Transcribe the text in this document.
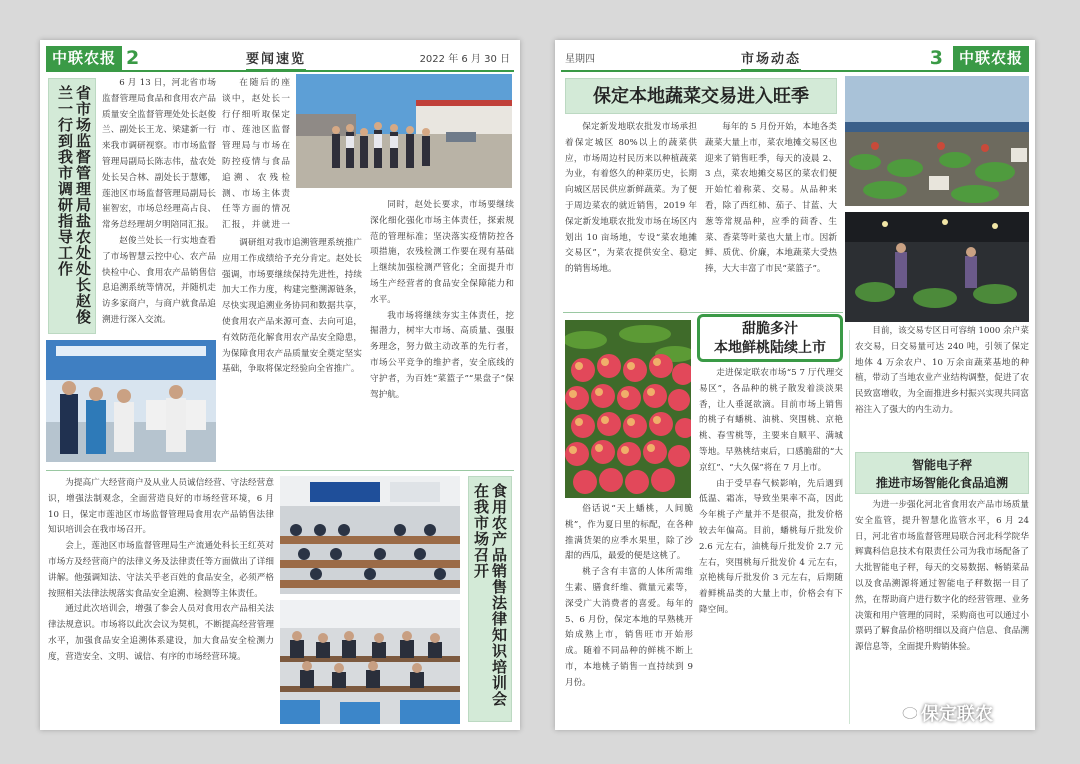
中联农报 2	要闻速览	2022 年 6 月 30 日
省市场监督管理局盐农处处长赵俊兰一行到我市调研指导工作

6 月 13 日，河北省市场监督管理局食品和食用农产品质量安全监督管理处处长赵俊兰、副处长王龙、梁建新一行来我市调研视察。市市场监督管理局副局长陈志伟，盐农处处长吴合林、副处长于慧娜，莲池区市场监督管理局副局长崔智宏，市场总经理高占良、常务总经理胡夕明陪同汇报。

赵俊兰处长一行实地查看了市场智慧云控中心、农产品快检中心、食用农产品销售信息追溯系统等情况，并随机走访多家商户，与商户就食品追溯进行深入交流。

在随后的座谈中，赵处长一行仔细听取保定市、莲池区监督管理局与市场在防控疫情与食品追溯、农残检测、市场主体责任等方面的情况汇报，并就进一

调研组对我市追溯管理系统推广应用工作成绩给予充分肯定。赵处长强调，市场要继续保持先进性，持续加大工作力度，构建完整溯源链条，尽快实现追溯业务协同和数据共享，使食用农产品来源可查、去向可追，有效防范化解食用农产品安全隐患，为保障食用农产品质量安全奠定坚实基础，争取将保定经验向全省推广。

同时，赵处长要求，市场要继续深化细化强化市场主体责任，探索规范的管理标准；坚决落实疫情防控各项措施，农残检测工作要在现有基础上继续加强检测严管化；全面提升市场生产经营者的食品安全保障能力和水平。

我市场将继续夯实主体责任，挖掘潜力，树牢大市场、高质量、强服务理念，努力做主动改革的先行者，市场公平竞争的维护者，安全底线的守护者，为百姓“菜篮子”“果盘子”保驾护航。

为提高广大经营商户及从业人员诚信经营、守法经营意识，增强法制观念，全面营造良好的市场经营环境，6 月 10 日，保定市莲池区市场监督管理局食用农产品销售法律知识培训会在我市场召开。

会上，莲池区市场监督管理局生产流通处科长王红英对市场方及经营商户的法律义务及法律责任等方面做出了详细讲解。他强调知法、守法关乎老百姓的食品安全，必须严格按照相关法律法规落实食品安全追溯、检测等主体责任。

通过此次培训会，增强了参会人员对食用农产品相关法律法规意识。市场将以此次会议为契机，不断提高经营管理水平，加强食品安全追溯体系建设，加大食品安全检测力度，营造安全、文明、诚信、有序的市场经营环境。	食用农产品销售法律知识培训会在我市场召开
星期四	市场动态	3	中联农报
保定本地蔬菜交易进入旺季

保定新发地联农批发市场承担着保定城区 80%以上的蔬菜供应，市场周边村民历来以种植蔬菜为业，有着悠久的种菜历史，长期向城区居民供应新鲜蔬菜。为了便于周边菜农的就近销售，2019 年保定新发地联农批发市场在场区内划出 10 亩场地，专设“菜农地摊交易区”，为菜农提供安全、稳定的销售场地。

每年的 5 月份开始，本地各类蔬菜大量上市，菜农地摊交易区也迎来了销售旺季，每天的凌晨 2、3 点，菜农地摊交易区的菜农们便开始忙着称菜、交易。从品种来看，除了西红柿、茄子、甘蓝、大葱等常规品种，应季的茴香、生菜、香菜等叶菜也大量上市。因新鲜、质优、价廉，本地蔬菜大受热捧，大大丰富了市民“菜篮子”。

目前，该交易专区日可容纳 1000 余户菜农交易，日交易量可达 240 吨，引领了保定地体 4 万余农户、10 万余亩蔬菜基地的种植，带动了当地农业产业结构调整，促进了农民致富增收，为全面推进乡村振兴实现共同富裕注入了强大的内生动力。

甜脆多汁
本地鲜桃陆续上市

俗话说“天上蟠桃，人间脆桃”，作为夏日里的标配，在各种推满货架的应季水果里，除了沙甜的西瓜，最爱的便是这桃了。

桃子含有丰富的人体所需维生素、膳食纤维、微量元素等，深受广大消费者的喜爱。每年的 5、6 月份，保定本地的早熟桃开始成熟上市，销售旺市开始形成。随着不同品种的鲜桃不断上市，本地桃子销售一直持续到 9 月份。

走进保定联农市场“5 7 厅代理交易区”，各品种的桃子散发着淡淡果香，让人垂涎欲滴。目前市场上销售的桃子有蟠桃、油桃、突围桃、京艳桃、春雪桃等，主要来自顺平、满城等地。早熟桃结束后，口感脆甜的“大京红”、“大久保”将在 7 月上市。

由于受早春气候影响，先后遇到低温、霜冻，导致坐果率不高，因此今年桃子产量并不是很高，批发价格较去年偏高。目前，蟠桃每斤批发价 2.6 元左右，油桃每斤批发价 2.7 元左右，突围桃每斤批发价 4 元左右，京艳桃每斤批发价 3 元左右，后期随着鲜桃品类的大量上市，价格会有下降空间。

智能电子秤
推进市场智能化食品追溯

为进一步强化河北省食用农产品市场质量安全监管，提升智慧化监管水平，6 月 24 日，河北省市场监督管理局联合河北科学院华辉冀科信息技术有限责任公司为我市场配备了大批智能电子秤，每天的交易数据、畅销菜品以及食品溯源将通过智能电子秤数据一目了然，在帮助商户进行数字化的经营管理、业务决策和用户管理的同时，采购商也可以通过小票码了解食品价格明细以及商户信息、食品溯源信息等，全面提升购销体验。

保定联农
